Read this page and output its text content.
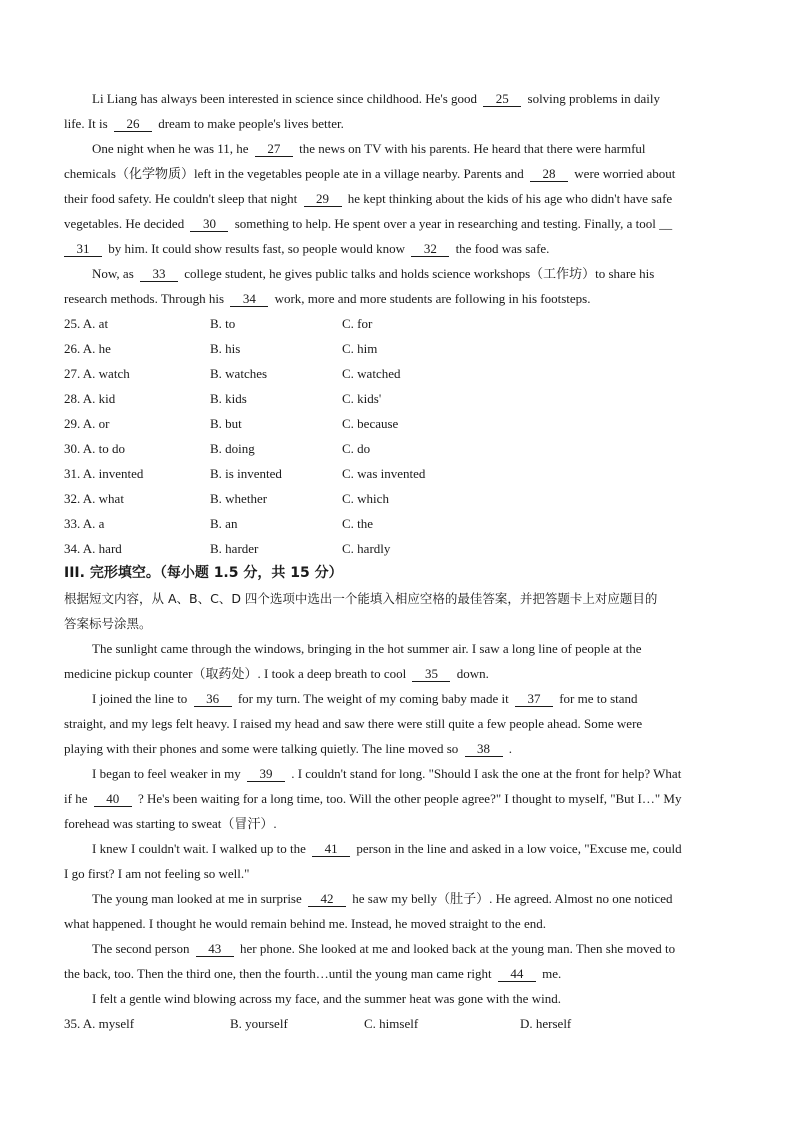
Li Liang has always been interested in science since childhood. He's good 25 solving problems in daily
life. It is 26 dream to make people's lives better.
One night when he was 11, he 27 the news on TV with his parents. He heard that there were harmful
chemicals（化学物质）left in the vegetables people ate in a village nearby. Parents and 28 were worried about
their food safety. He couldn't sleep that night 29 he kept thinking about the kids of his age who didn't have safe
vegetables. He decided 30 something to help. He spent over a year in researching and testing. Finally, a tool __
31 by him. It could show results fast, so people would know 32 the food was safe.
Now, as 33 college student, he gives public talks and holds science workshops（工作坊）to share his
research methods. Through his 34 work, more and more students are following in his footsteps.
25. A. at	B. to	C. for
26. A. he	B. his	C. him
27. A. watch	B. watches	C. watched
28. A. kid	B. kids	C. kids'
29. A. or	B. but	C. because
30. A. to do	B. doing	C. do
31. A. invented	B. is invented	C. was invented
32. A. what	B. whether	C. which
33. A. a	B. an	C. the
34. A. hard	B. harder	C. hardly
III. 完形填空。（每小题 1.5 分，共 15 分）
根据短文内容，从 A、B、C、D 四个选项中选出一个能填入相应空格的最佳答案，并把答题卡上对应题目的
答案标号涂黑。
The sunlight came through the windows, bringing in the hot summer air. I saw a long line of people at the
medicine pickup counter（取药处）. I took a deep breath to cool 35 down.
I joined the line to 36 for my turn. The weight of my coming baby made it 37 for me to stand
straight, and my legs felt heavy. I raised my head and saw there were still quite a few people ahead. Some were
playing with their phones and some were talking quietly. The line moved so 38 .
I began to feel weaker in my 39 . I couldn't stand for long. "Should I ask the one at the front for help? What
if he 40 ? He's been waiting for a long time, too. Will the other people agree?" I thought to myself, "But I…" My
forehead was starting to sweat（冒汗）.
I knew I couldn't wait. I walked up to the 41 person in the line and asked in a low voice, "Excuse me, could
I go first? I am not feeling so well."
The young man looked at me in surprise 42 he saw my belly（肚子）. He agreed. Almost no one noticed
what happened. I thought he would remain behind me. Instead, he moved straight to the end.
The second person 43 her phone. She looked at me and looked back at the young man. Then she moved to
the back, too. Then the third one, then the fourth…until the young man came right 44 me.
I felt a gentle wind blowing across my face, and the summer heat was gone with the wind.
35. A. myself	B. yourself	C. himself	D. herself
